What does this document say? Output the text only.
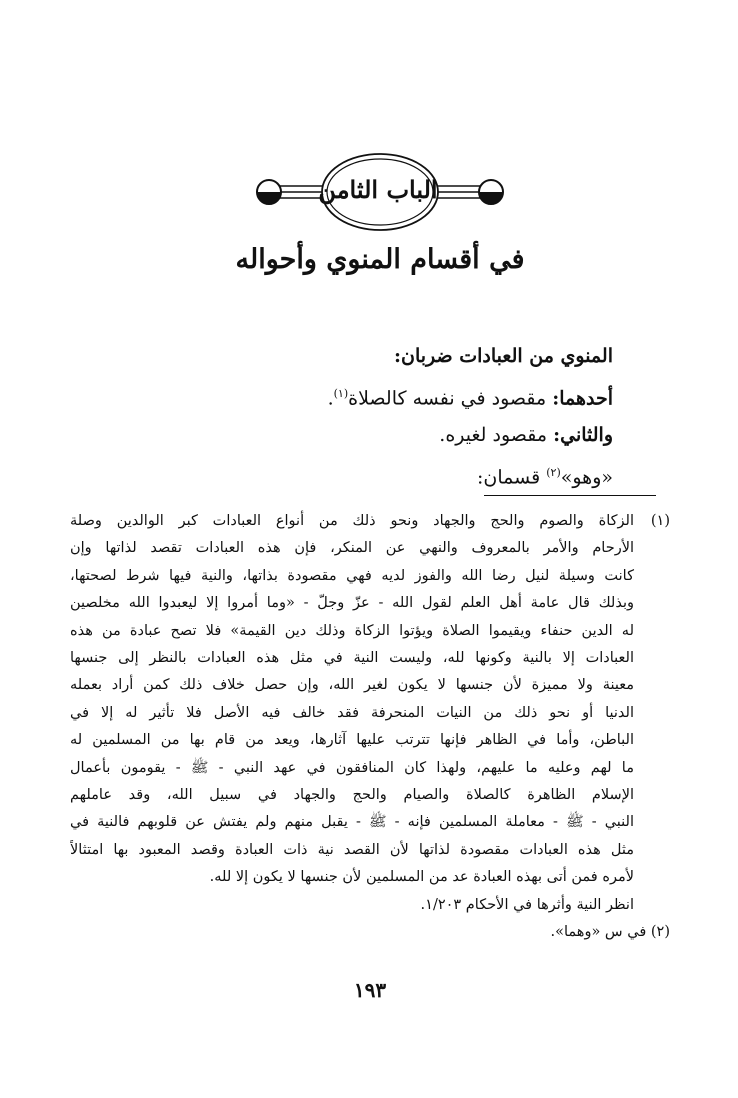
الباب الثامن
في أقسام المنوي وأحواله
المنوي من العبادات ضربان:
أحدهما: مقصود في نفسه كالصلاة$^{(١)}$.
والثاني: مقصود لغيره.
«وهو»$^{(٢)}$ قسمان:
(١)الزكاة والصوم والحج والجهاد ونحو ذلك من أنواع العبادات كبر الوالدين وصلة
الأرحام والأمر بالمعروف والنهي عن المنكر، فإن هذه العبادات تقصد لذاتها وإن
كانت وسيلة لنيل رضا الله والفوز لديه فهي مقصودة بذاتها، والنية فيها شرط لصحتها،
وبذلك قال عامة أهل العلم لقول الله - عزّ وجلّ - «وما أمروا إلا ليعبدوا الله مخلصين
له الدين حنفاء ويقيموا الصلاة ويؤتوا الزكاة وذلك دين القيمة» فلا تصح عبادة من هذه
العبادات إلا بالنية وكونها لله، وليست النية في مثل هذه العبادات بالنظر إلى جنسها
معينة ولا مميزة لأن جنسها لا يكون لغير الله، وإن حصل خلاف ذلك كمن أراد بعمله
الدنيا أو نحو ذلك من النيات المنحرفة فقد خالف فيه الأصل فلا تأثير له إلا في
الباطن، وأما في الظاهر فإنها تترتب عليها آثارها، ويعد من قام بها من المسلمين له
ما لهم وعليه ما عليهم، ولهذا كان المنافقون في عهد النبي - ﷺ - يقومون بأعمال
الإسلام الظاهرة كالصلاة والصيام والحج والجهاد في سبيل الله، وقد عاملهم
النبي - ﷺ - معاملة المسلمين فإنه - ﷺ - يقبل منهم ولم يفتش عن قلوبهم فالنية في
مثل هذه العبادات مقصودة لذاتها لأن القصد نية ذات العبادة وقصد المعبود بها امتثالاً
لأمره فمن أتى بهذه العبادة عد من المسلمين لأن جنسها لا يكون إلا لله.
انظر النية وأثرها في الأحكام ١/٢٠٣.
(٢) في س «وهما».
١٩٣
